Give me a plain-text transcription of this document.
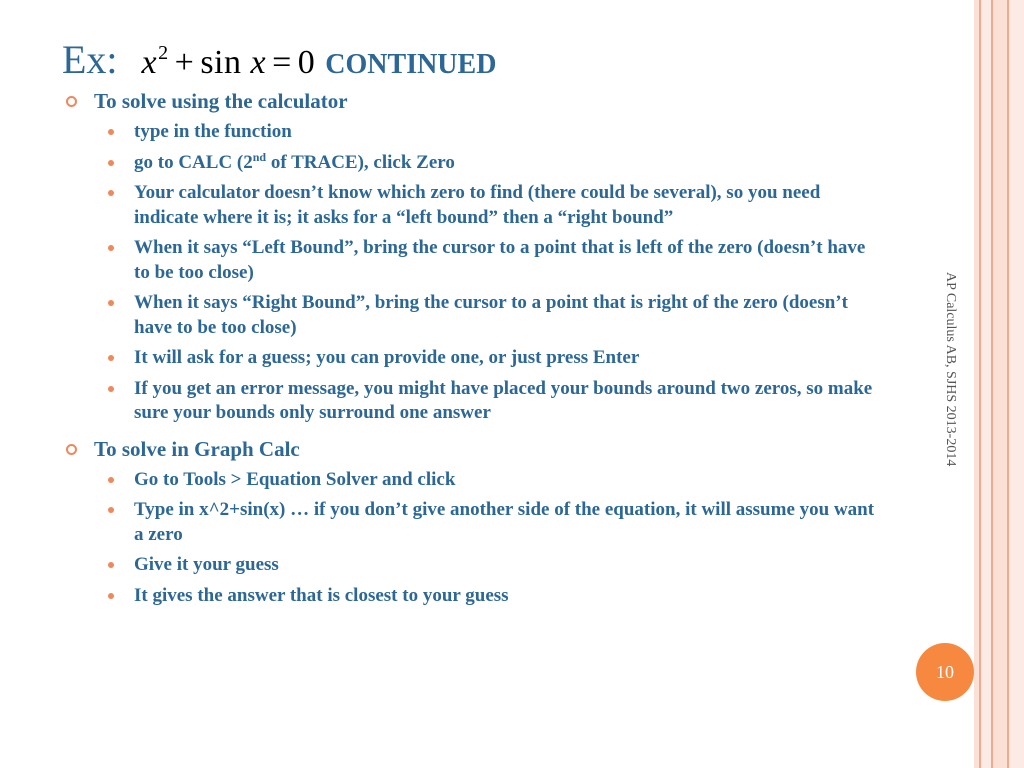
Ex: $x^2 + \sin x = 0$ CONTINUED
To solve using the calculator
type in the function
go to CALC (2nd of TRACE), click Zero
Your calculator doesn’t know which zero to find (there could be several), so you need indicate where it is; it asks for a “left bound” then a “right bound”
When it says “Left Bound”, bring the cursor to a point that is left of the zero (doesn’t have to be too close)
When it says “Right Bound”, bring the cursor to a point that is right of the zero (doesn’t have to be too close)
It will ask for a guess; you can provide one, or just press Enter
If you get an error message, you might have placed your bounds around two zeros, so make sure your bounds only surround one answer
To solve in Graph Calc
Go to Tools > Equation Solver and click
Type in x^2+sin(x) … if you don’t give another side of the equation, it will assume you want a zero
Give it your guess
It gives the answer that is closest to your guess
AP Calculus AB, SJHS 2013-2014
10
